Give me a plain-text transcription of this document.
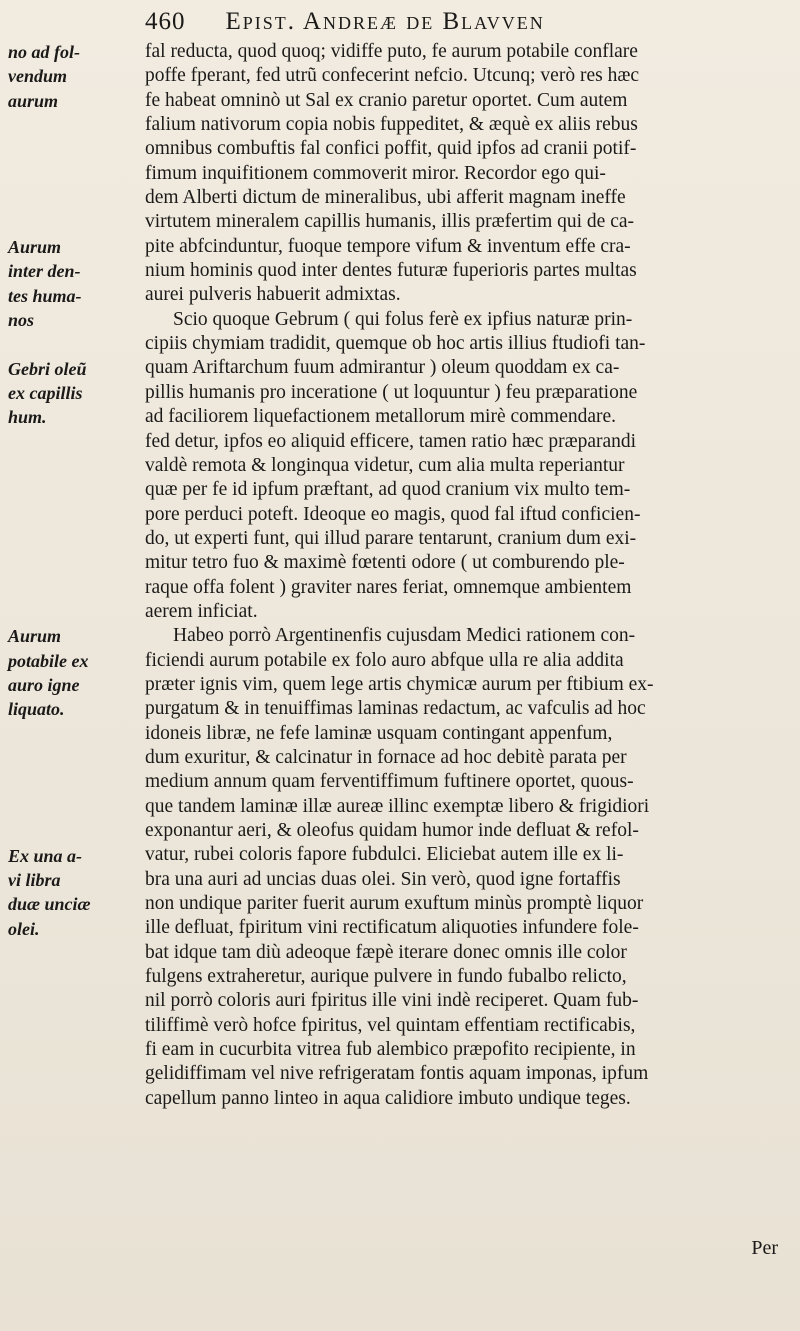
460 Epist. Andreæ de Blavven
no ad fol-
vendum
aurum
Aurum
inter den-
tes huma-
nos
Gebri oleũ
ex capillis
hum.
Aurum
potabile ex
auro igne
liquato.
Ex una a-
vi libra
duæ unciæ
olei.
fal reducta, quod quoq; vidiffe puto, fe aurum potabile conflare
poffe fperant, fed utrũ confecerint nefcio. Utcunq; verò res hæc
fe habeat omninò ut Sal ex cranio paretur oportet. Cum autem
falium nativorum copia nobis fuppeditet, & æquè ex aliis rebus
omnibus combuftis fal confici poffit, quid ipfos ad cranii potif-
fimum inquifitionem commoverit miror. Recordor ego qui-
dem Alberti dictum de mineralibus, ubi afferit magnam ineffe
virtutem mineralem capillis humanis, illis præfertim qui de ca-
pite abfcinduntur, fuoque tempore vifum & inventum effe cra-
nium hominis quod inter dentes futuræ fuperioris partes multas
aurei pulveris habuerit admixtas.
Scio quoque Gebrum ( qui folus ferè ex ipfius naturæ prin-
cipiis chymiam tradidit, quemque ob hoc artis illius ftudiofi tan-
quam Ariftarchum fuum admirantur ) oleum quoddam ex ca-
pillis humanis pro inceratione ( ut loquuntur ) feu præparatione
ad faciliorem liquefactionem metallorum mirè commendare.
fed detur, ipfos eo aliquid efficere, tamen ratio hæc præparandi
valdè remota & longinqua videtur, cum alia multa reperiantur
quæ per fe id ipfum præftant, ad quod cranium vix multo tem-
pore perduci poteft. Ideoque eo magis, quod fal iftud conficien-
do, ut experti funt, qui illud parare tentarunt, cranium dum exi-
mitur tetro fuo & maximè fœtenti odore ( ut comburendo ple-
raque offa folent ) graviter nares feriat, omnemque ambientem
aerem inficiat.
Habeo porrò Argentinenfis cujusdam Medici rationem con-
ficiendi aurum potabile ex folo auro abfque ulla re alia addita
præter ignis vim, quem lege artis chymicæ aurum per ftibium ex-
purgatum & in tenuiffimas laminas redactum, ac vafculis ad hoc
idoneis libræ, ne fefe laminæ usquam contingant appenfum,
dum exuritur, & calcinatur in fornace ad hoc debitè parata per
medium annum quam ferventiffimum fuftinere oportet, quous-
que tandem laminæ illæ aureæ illinc exemptæ libero & frigidiori
exponantur aeri, & oleofus quidam humor inde defluat & refol-
vatur, rubei coloris fapore fubdulci. Eliciebat autem ille ex li-
bra una auri ad uncias duas olei. Sin verò, quod igne fortaffis
non undique pariter fuerit aurum exuftum minùs promptè liquor
ille defluat, fpiritum vini rectificatum aliquoties infundere fole-
bat idque tam diù adeoque fæpè iterare donec omnis ille color
fulgens extraheretur, aurique pulvere in fundo fubalbo relicto,
nil porrò coloris auri fpiritus ille vini indè reciperet. Quam fub-
tiliffimè verò hofce fpiritus, vel quintam effentiam rectificabis,
fi eam in cucurbita vitrea fub alembico præpofito recipiente, in
gelidiffimam vel nive refrigeratam fontis aquam imponas, ipfum
capellum panno linteo in aqua calidiore imbuto undique teges.
Per
